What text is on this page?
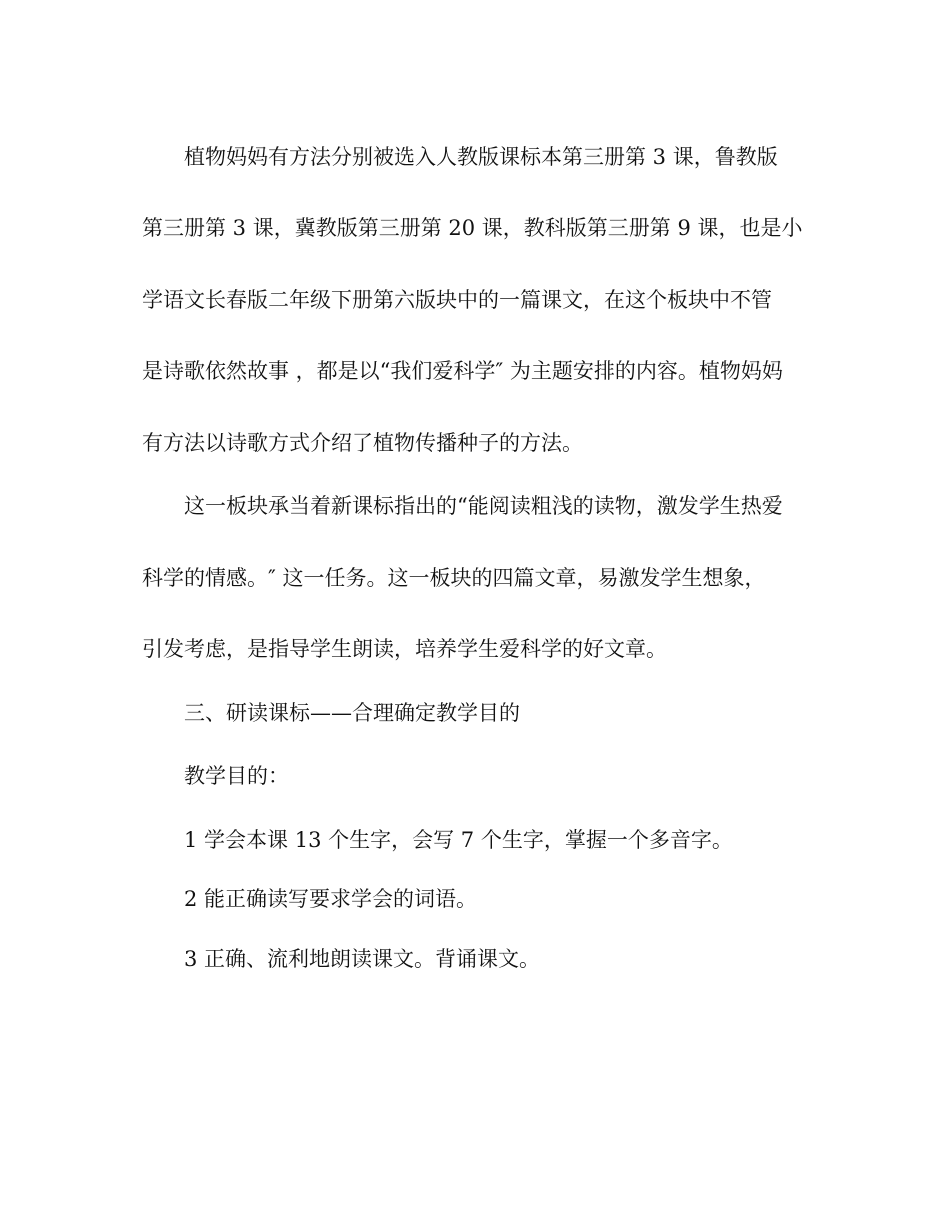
植物妈妈有方法分别被选入人教版课标本第三册第 3 课，鲁教版
第三册第 3 课，冀教版第三册第 20 课，教科版第三册第 9 课，也是小
学语文长春版二年级下册第六版块中的一篇课文，在这个板块中不管
是诗歌依然故事 ，都是以“我们爱科学″ 为主题安排的内容。植物妈妈
有方法以诗歌方式介绍了植物传播种子的方法。
这一板块承当着新课标指出的“能阅读粗浅的读物，激发学生热爱
科学的情感。″ 这一任务。这一板块的四篇文章，易激发学生想象，
引发考虑，是指导学生朗读，培养学生爱科学的好文章。
三、研读课标——合理确定教学目的
教学目的：
1 学会本课 13 个生字，会写 7 个生字，掌握一个多音字。
2 能正确读写要求学会的词语。
3 正确、流利地朗读课文。背诵课文。
